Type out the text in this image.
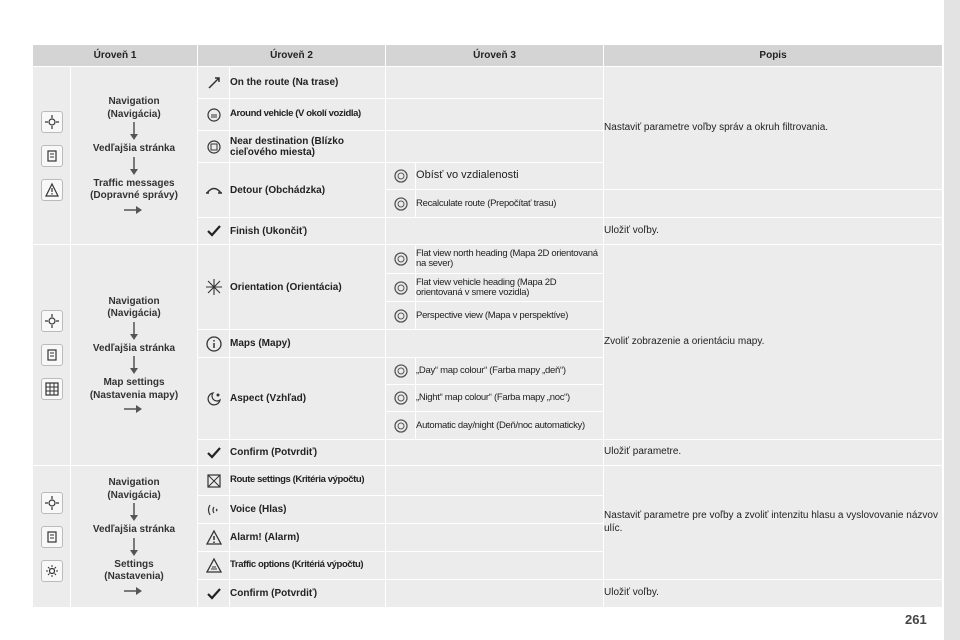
Úroveň 1		Úroveň 2		Úroveň 3		Popis

Navigation
(Navigácia)
Vedľajšia stránka
Traffic messages
(Dopravné správy)		On the route (Na trase)			Nastaviť parametre voľby správ a okruh filtrovania.
	Around vehicle (V okolí vozidla)			
	Near destination (Blízko cieľového miesta)			
	Detour (Obchádzka)		Obísť vo vzdialenosti	
	Recalculate route (Prepočítať trasu)	
	Finish (Ukončiť)			Uložiť voľby.

Navigation
(Navigácia)
Vedľajšia stránka
Map settings
(Nastavenia mapy)		Orientation (Orientácia)		Flat view north heading (Mapa 2D orientovaná na sever)	Zvoliť zobrazenie a orientáciu mapy.
	Flat view vehicle heading (Mapa 2D orientovaná v smere vozidla)	
	Perspective view (Mapa v perspektíve)	
	Maps (Mapy)			
	Aspect (Vzhľad)		„Day“ map colour“ (Farba mapy „deň“)	
	„Night“ map colour“ (Farba mapy „noc“)	
	Automatic day/night (Deň/noc automaticky)	
	Confirm (Potvrdiť)			Uložiť parametre.

Navigation
(Navigácia)
Vedľajšia stránka
Settings
(Nastavenia)		Route settings (Kritéria výpočtu)			Nastaviť parametre pre voľby a zvoliť intenzitu hlasu a vyslovovanie názvov ulíc.
	Voice (Hlas)			
	Alarm! (Alarm)			
	Traffic options (Kritériá výpočtu)			
	Confirm (Potvrdiť)			Uložiť voľby.
261
